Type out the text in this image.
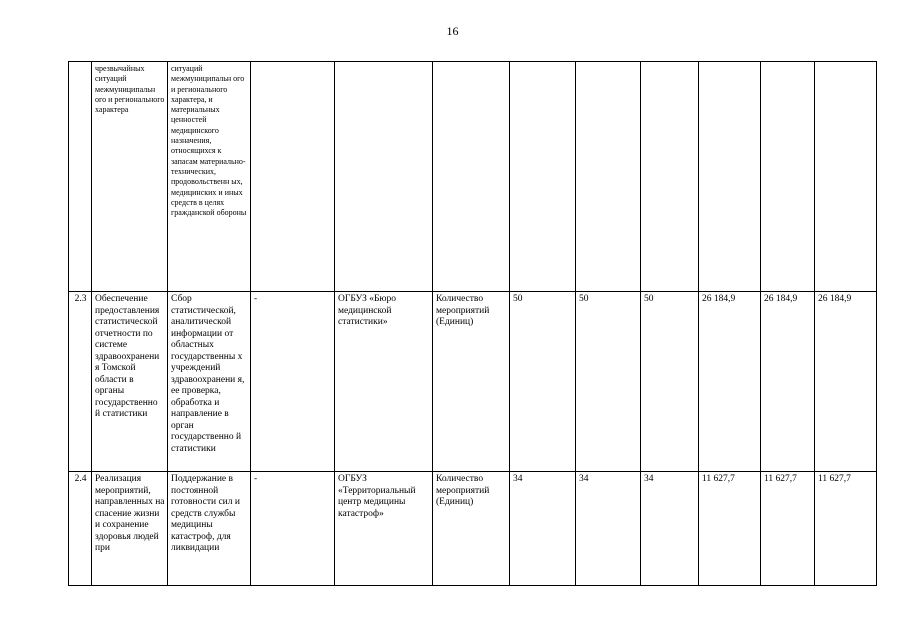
16
	чрезвычайных ситуаций межмуниципальн ого и регионального характера	ситуаций межмуниципальн ого и регионального характера, и материальных ценностей медицинского назначения, относящихся к запасам материально-технических, продовольственн ых, медицинских и иных средств в целях гражданской обороны									
2.3	Обеспечение предоставления статистической отчетности по системе здравоохранени я Томской области в органы государственно й статистики	Сбор статистической, аналитической информации от областных государственны х учреждений здравоохранени я, ее проверка, обработка и направление в орган государственно й статистики	-	ОГБУЗ «Бюро медицинской статистики»	Количество мероприятий (Единиц)	50	50	50	26 184,9	26 184,9	26 184,9
2.4	Реализация мероприятий, направленных на спасение жизни и сохранение здоровья людей при	Поддержание в постоянной готовности сил и средств службы медицины катастроф, для ликвидации	-	ОГБУЗ «Территориальный центр медицины катастроф»	Количество мероприятий (Единиц)	34	34	34	11 627,7	11 627,7	11 627,7
